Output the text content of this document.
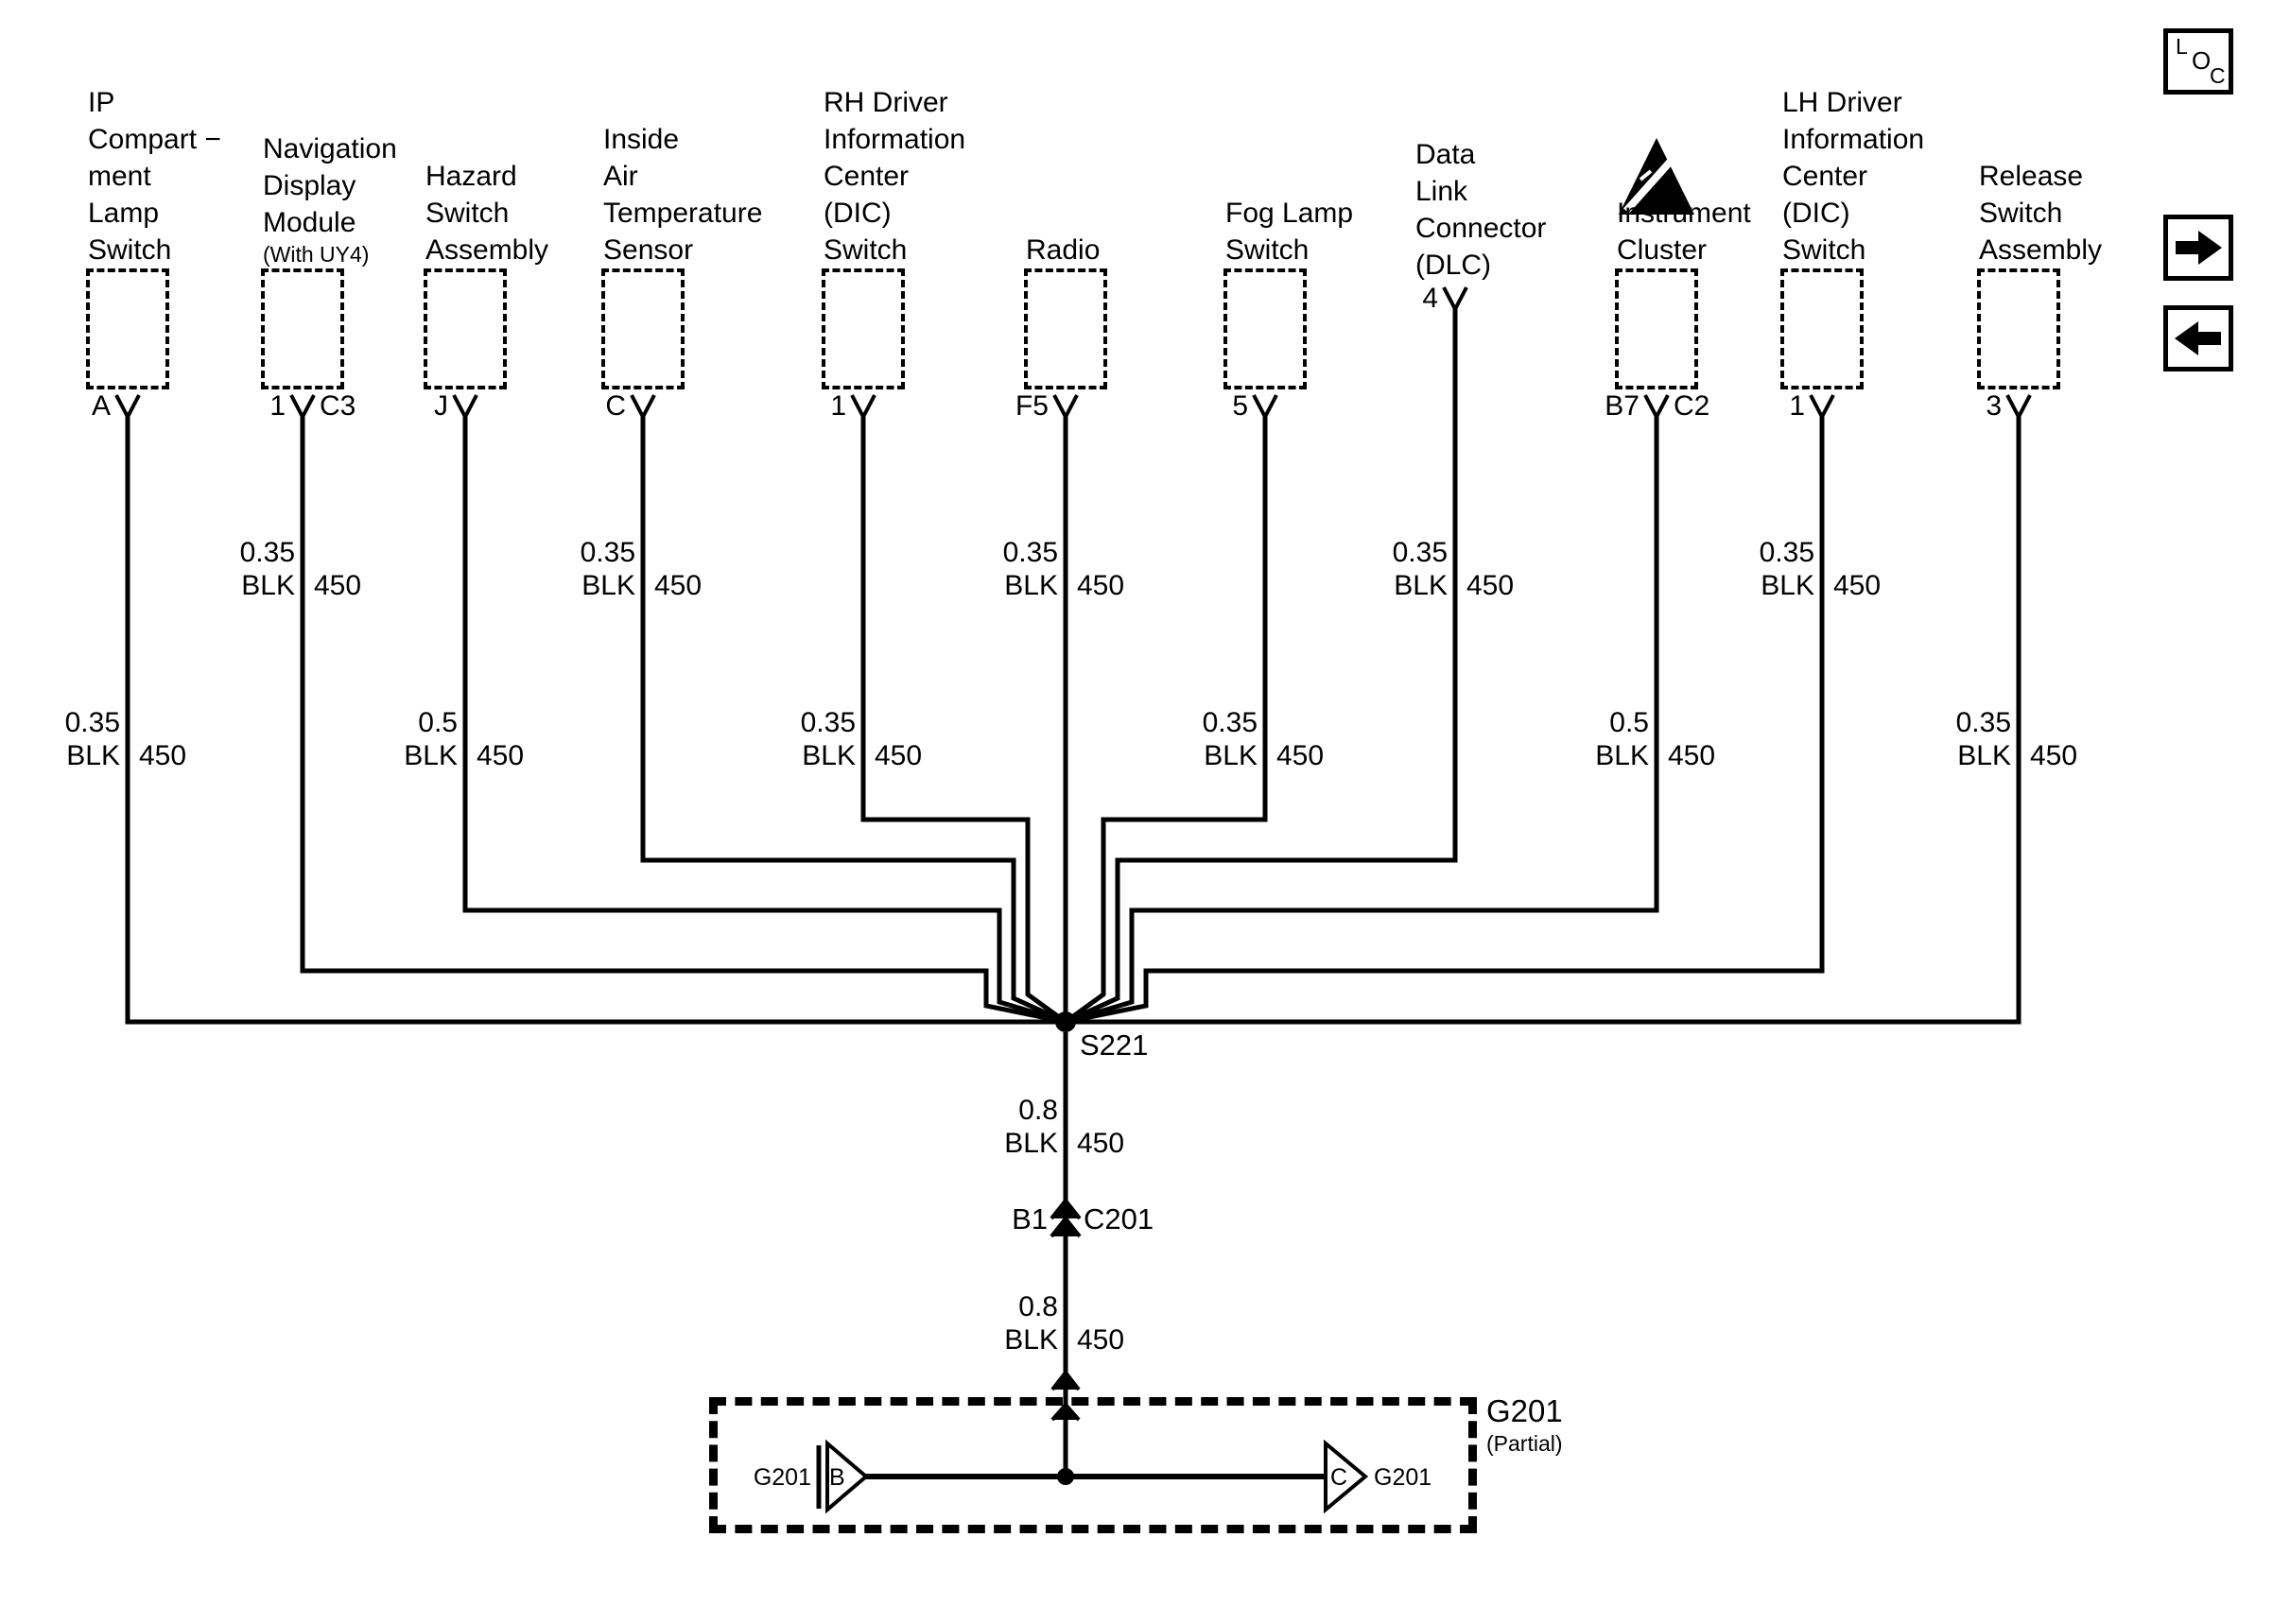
IP
Compart −
ment
Lamp
Switch
A
0.35
BLK 450
Navigation
Display
Module
(With UY4)
1 C3
0.35
BLK 450
Hazard
Switch
Assembly
J
0.5
BLK 450
Inside
Air
Temperature
Sensor
C
0.35
BLK 450
RH Driver
Information
Center
(DIC)
Switch
1
0.35
BLK 450
Radio
F5
0.35
BLK 450
Fog Lamp
Switch
5
0.35
BLK 450
Data
Link
Connector
(DLC)
4
0.35
BLK 450
Instrument
Cluster
B7 C2
0.5
BLK 450
LH Driver
Information
Center
(DIC)
Switch
1
0.35
BLK 450
Release
Switch
Assembly
3
0.35
BLK 450
S221
0.8
BLK 450
B1 C201
0.8
BLK 450
G201
(Partial)
G201 B	C	G201
L O
C
